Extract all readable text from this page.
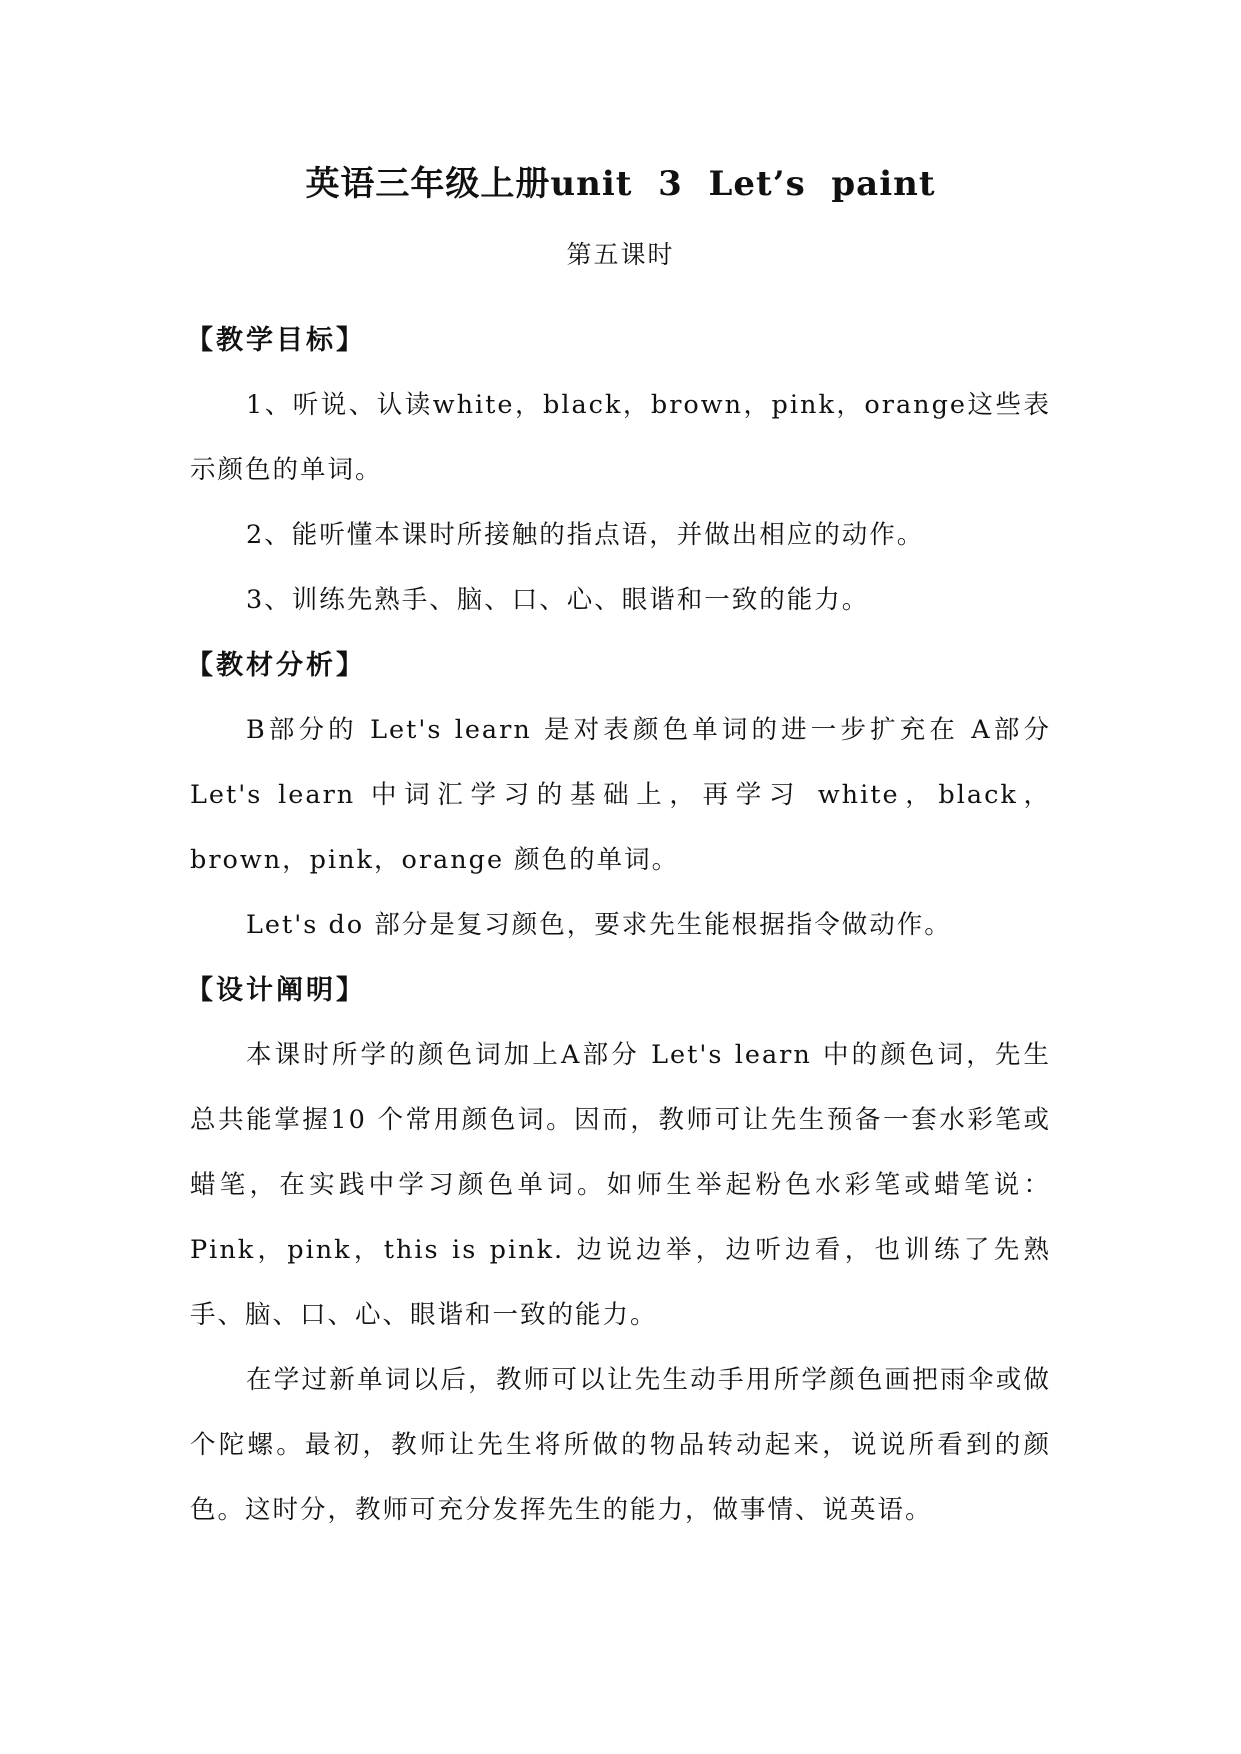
英语三年级上册unit  3  Let’s  paint

第五课时

【教学目标】

1、听说、认读white，black，brown，pink，orange这些表示颜色的单词。

2、能听懂本课时所接触的指点语，并做出相应的动作。

3、训练先熟手、脑、口、心、眼谐和一致的能力。

【教材分析】

B部分的 Let's learn 是对表颜色单词的进一步扩充在 A部分 Let's learn 中词汇学习的基础上，再学习 white，black，brown，pink，orange 颜色的单词。

Let's do 部分是复习颜色，要求先生能根据指令做动作。

【设计阐明】

本课时所学的颜色词加上A部分 Let's learn 中的颜色词，先生总共能掌握10 个常用颜色词。因而，教师可让先生预备一套水彩笔或蜡笔，在实践中学习颜色单词。如师生举起粉色水彩笔或蜡笔说：Pink，pink，this is pink. 边说边举，边听边看，也训练了先熟手、脑、口、心、眼谐和一致的能力。

在学过新单词以后，教师可以让先生动手用所学颜色画把雨伞或做个陀螺。最初，教师让先生将所做的物品转动起来，说说所看到的颜色。这时分，教师可充分发挥先生的能力，做事情、说英语。
